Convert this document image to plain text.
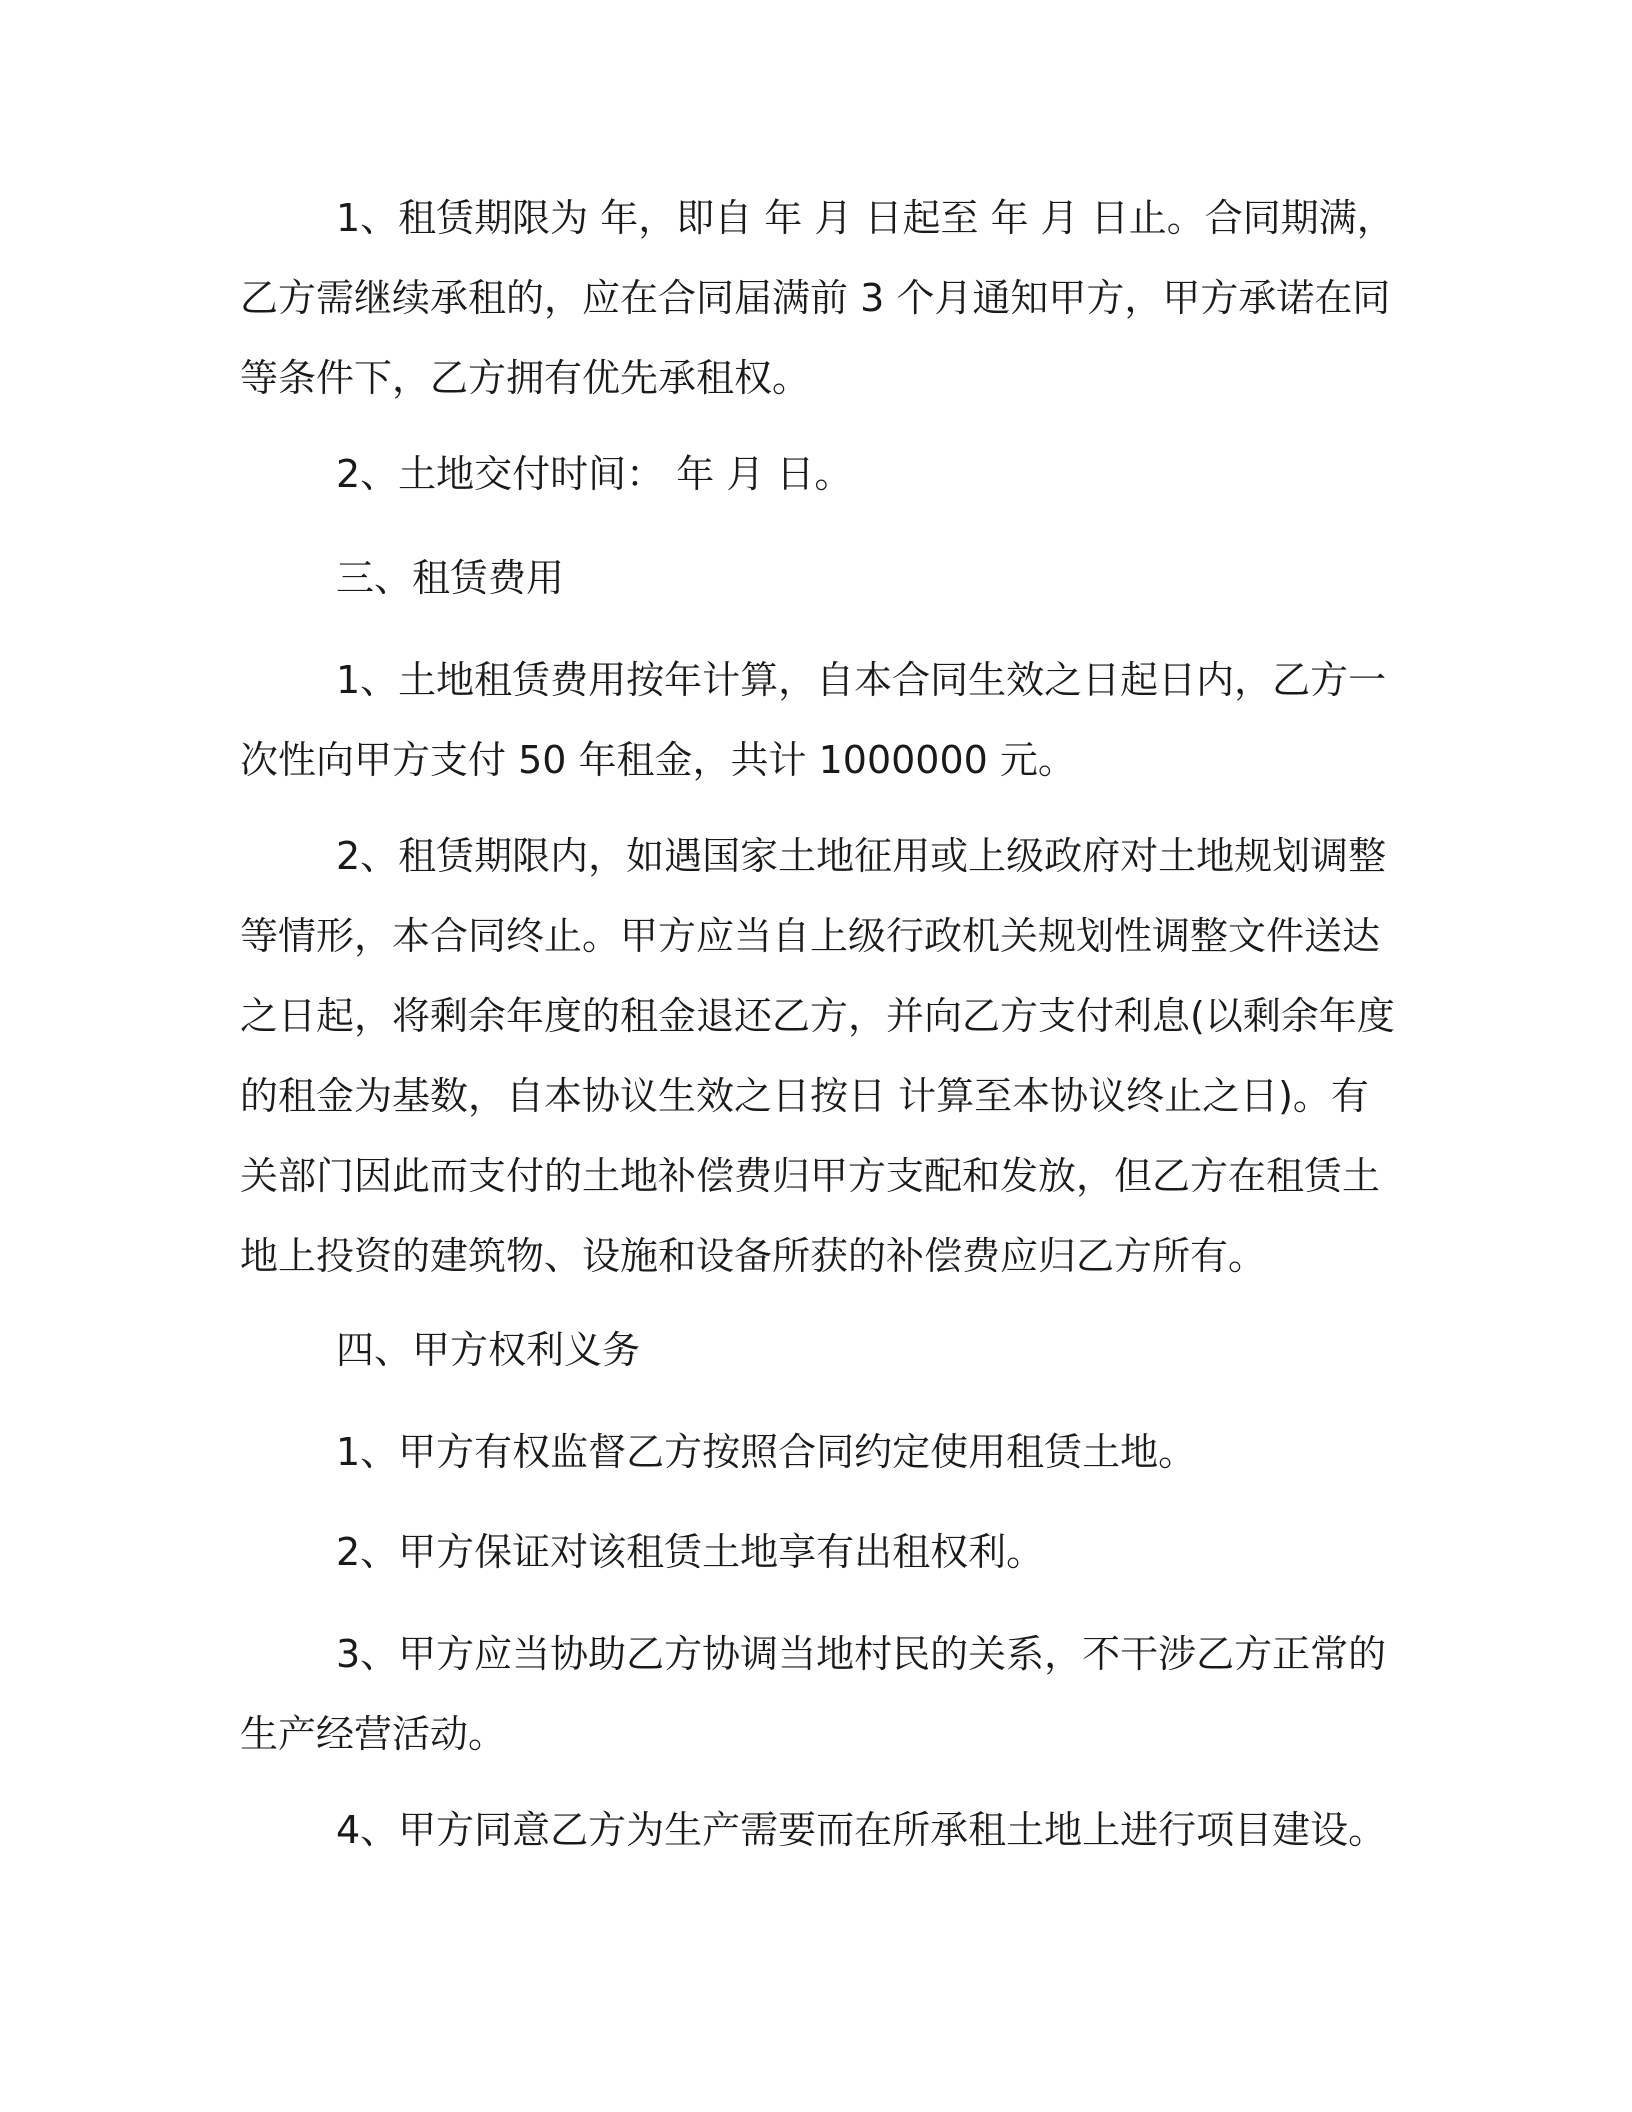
1、租赁期限为 年，即自 年 月 日起至 年 月 日止。合同期满，乙方需继续承租的，应在合同届满前 3 个月通知甲方，甲方承诺在同等条件下，乙方拥有优先承租权。

2、土地交付时间： 年 月 日。

三、租赁费用

1、土地租赁费用按年计算，自本合同生效之日起日内，乙方一次性向甲方支付 50 年租金，共计 1000000 元。

2、租赁期限内，如遇国家土地征用或上级政府对土地规划调整等情形，本合同终止。甲方应当自上级行政机关规划性调整文件送达之日起，将剩余年度的租金退还乙方，并向乙方支付利息(以剩余年度的租金为基数，自本协议生效之日按日 计算至本协议终止之日)。有关部门因此而支付的土地补偿费归甲方支配和发放，但乙方在租赁土地上投资的建筑物、设施和设备所获的补偿费应归乙方所有。

四、甲方权利义务

1、甲方有权监督乙方按照合同约定使用租赁土地。

2、甲方保证对该租赁土地享有出租权利。

3、甲方应当协助乙方协调当地村民的关系，不干涉乙方正常的生产经营活动。

4、甲方同意乙方为生产需要而在所承租土地上进行项目建设。
